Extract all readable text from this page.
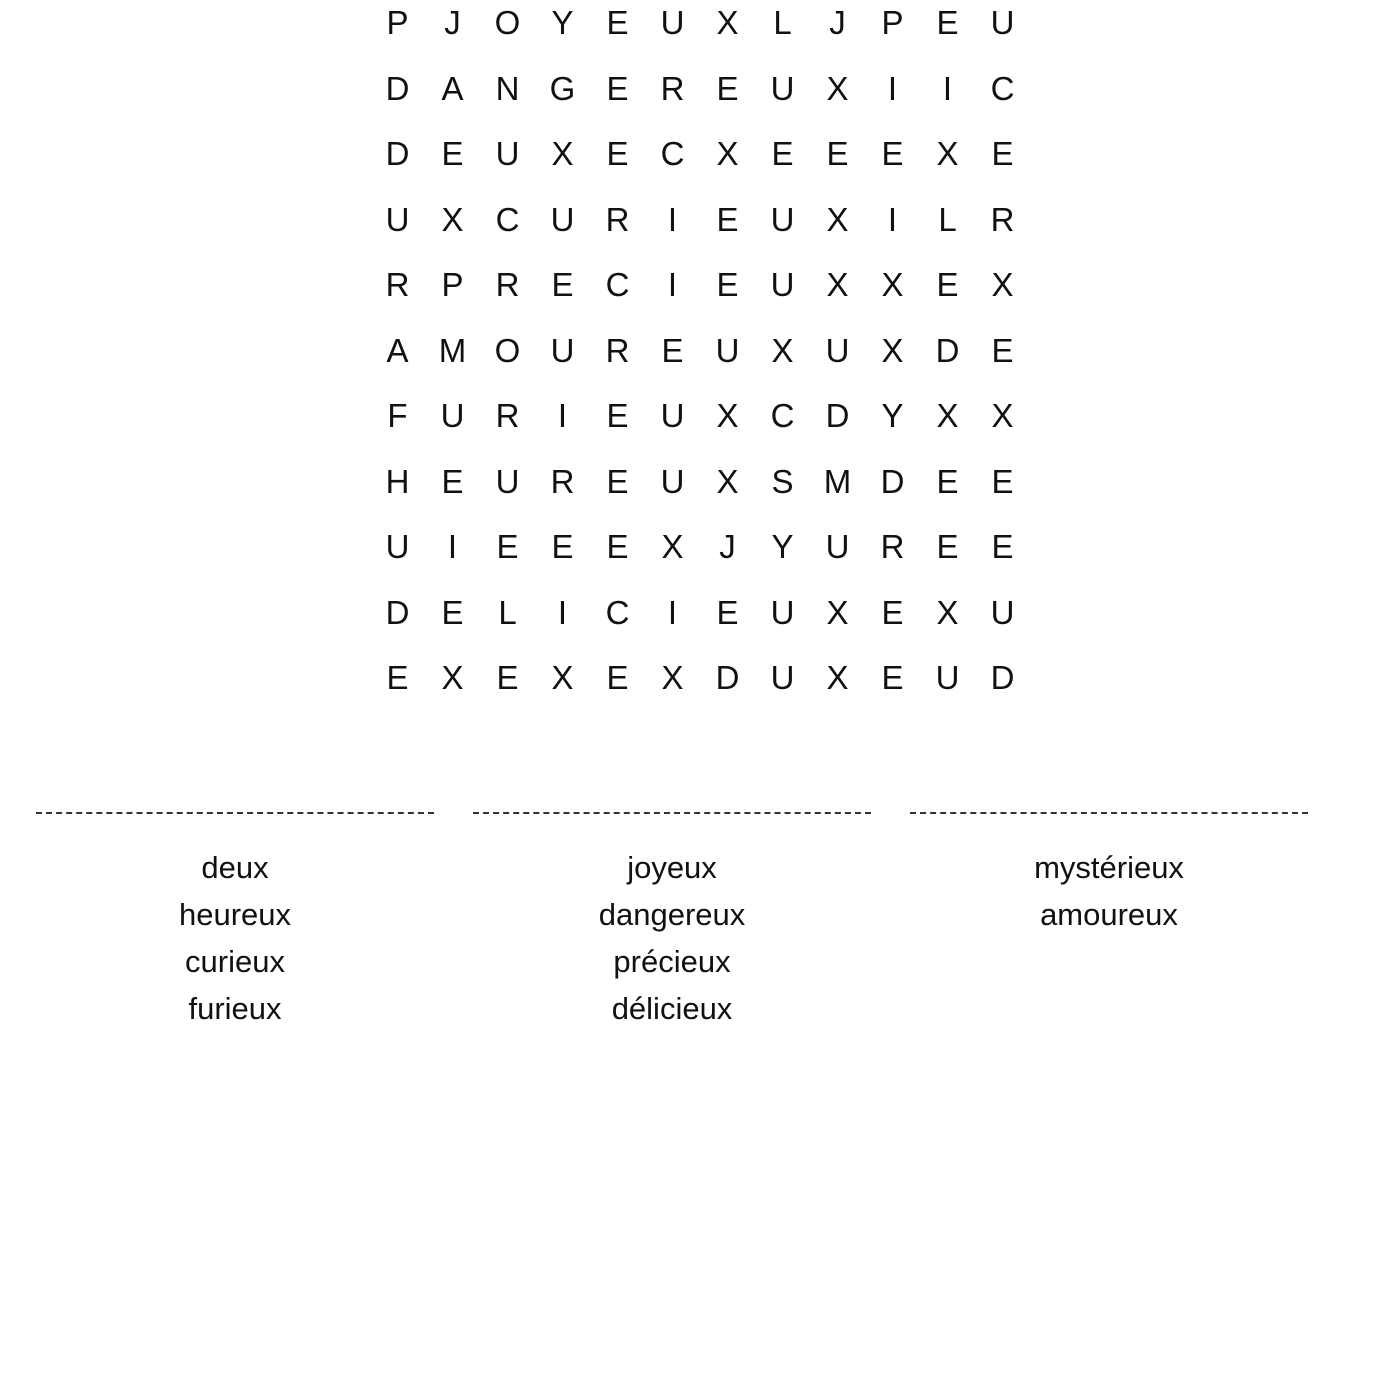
P	J	O Y E U X	L	J	P E U
D A N G E R E U X	I	I	C
D E U X E C X E E E X E
U X C U R	I	E U X	I	L	R
R P R E C	I	E U X X E X
A M O U R E U X U X D E
F	U R	I	E U X C D Y X X
H E U R E U X S M D E E
U	I	E E E X	J	Y U R E E
D E	L	I	C	I	E U X E X U
E X E X E X D U X E U D
deux
heureux
curieux
furieux
joyeux
dangereux
précieux
délicieux
mystérieux
amoureux
